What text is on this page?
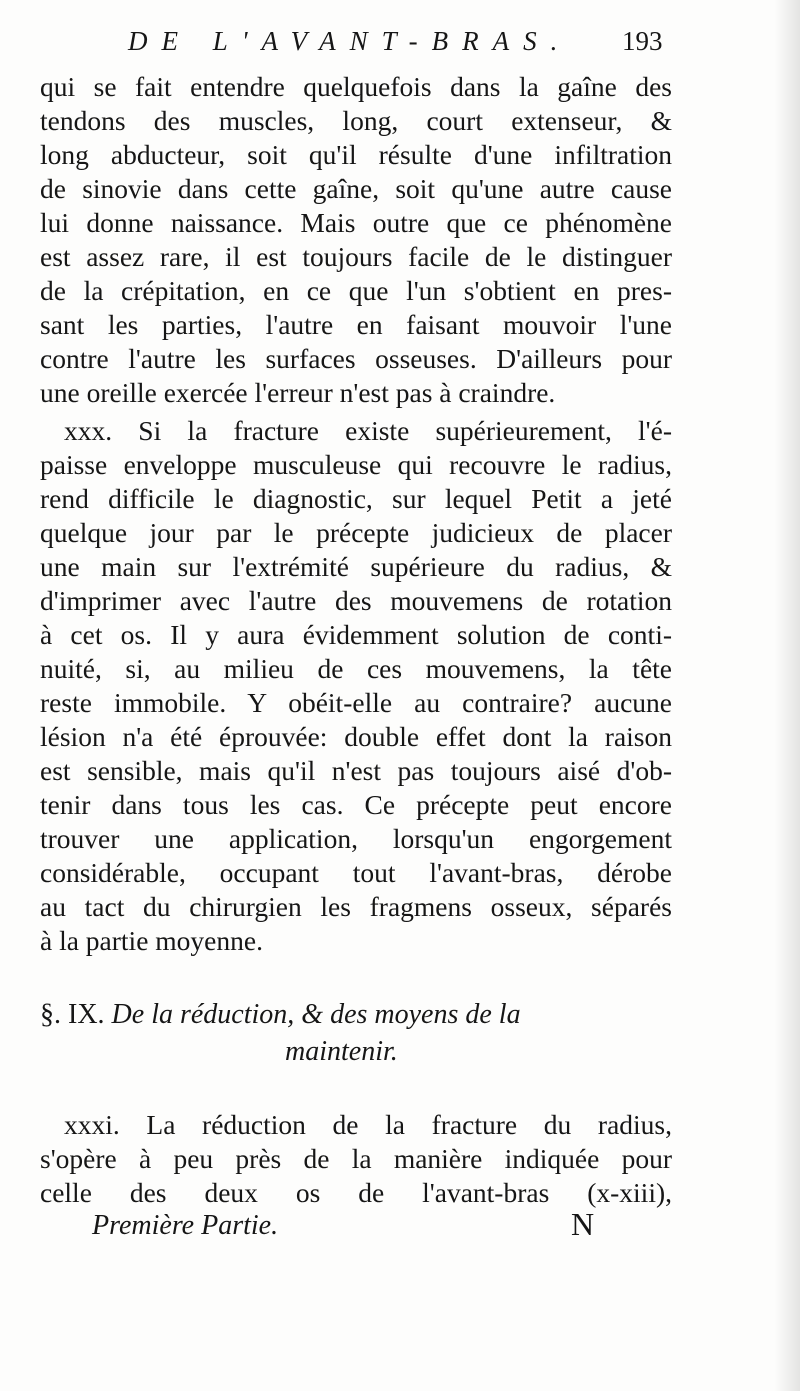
DE L'AVANT-BRAS.	193
qui se fait entendre quelquefois dans la gaîne des
tendons des muscles, long, court extenseur, &
long abducteur, soit qu'il résulte d'une infiltration
de sinovie dans cette gaîne, soit qu'une autre cause
lui donne naissance. Mais outre que ce phénomène
est assez rare, il est toujours facile de le distinguer
de la crépitation, en ce que l'un s'obtient en pres-
sant les parties, l'autre en faisant mouvoir l'une
contre l'autre les surfaces osseuses. D'ailleurs pour
une oreille exercée l'erreur n'est pas à craindre.
xxx. Si la fracture existe supérieurement, l'é-
paisse enveloppe musculeuse qui recouvre le radius,
rend difficile le diagnostic, sur lequel Petit a jeté
quelque jour par le précepte judicieux de placer
une main sur l'extrémité supérieure du radius, &
d'imprimer avec l'autre des mouvemens de rotation
à cet os. Il y aura évidemment solution de conti-
nuité, si, au milieu de ces mouvemens, la tête
reste immobile. Y obéit-elle au contraire? aucune
lésion n'a été éprouvée: double effet dont la raison
est sensible, mais qu'il n'est pas toujours aisé d'ob-
tenir dans tous les cas. Ce précepte peut encore
trouver une application, lorsqu'un engorgement
considérable, occupant tout l'avant-bras, dérobe
au tact du chirurgien les fragmens osseux, séparés
à la partie moyenne.
§. IX. De la réduction, & des moyens de la
maintenir.
xxxi. La réduction de la fracture du radius,
s'opère à peu près de la manière indiquée pour
celle des deux os de l'avant-bras (x-xiii),
Première Partie.	N
